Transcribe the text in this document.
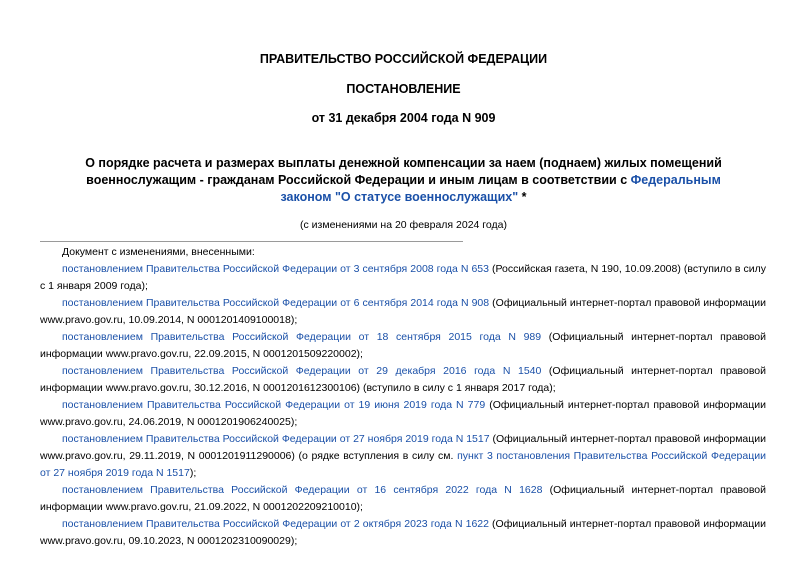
ПРАВИТЕЛЬСТВО РОССИЙСКОЙ ФЕДЕРАЦИИ
ПОСТАНОВЛЕНИЕ
от 31 декабря 2004 года N 909
О порядке расчета и размерах выплаты денежной компенсации за наем (поднаем) жилых помещений военнослужащим - гражданам Российской Федерации и иным лицам в соответствии с Федеральным законом "О статусе военнослужащих" *
(с изменениями на 20 февраля 2024 года)

Документ с изменениями, внесенными:

постановлением Правительства Российской Федерации от 3 сентября 2008 года N 653 (Российская газета, N 190, 10.09.2008) (вступило в силу с 1 января 2009 года);

постановлением Правительства Российской Федерации от 6 сентября 2014 года N 908 (Официальный интернет-портал правовой информации www.pravo.gov.ru, 10.09.2014, N 0001201409100018);

постановлением Правительства Российской Федерации от 18 сентября 2015 года N 989 (Официальный интернет-портал правовой информации www.pravo.gov.ru, 22.09.2015, N 0001201509220002);

постановлением Правительства Российской Федерации от 29 декабря 2016 года N 1540 (Официальный интернет-портал правовой информации www.pravo.gov.ru, 30.12.2016, N 0001201612300106) (вступило в силу с 1 января 2017 года);

постановлением Правительства Российской Федерации от 19 июня 2019 года N 779 (Официальный интернет-портал правовой информации www.pravo.gov.ru, 24.06.2019, N 0001201906240025);

постановлением Правительства Российской Федерации от 27 ноября 2019 года N 1517 (Официальный интернет-портал правовой информации www.pravo.gov.ru, 29.11.2019, N 0001201911290006) (о рядке вступления в силу см. пункт 3 постановления Правительства Российской Федерации от 27 ноября 2019 года N 1517);

постановлением Правительства Российской Федерации от 16 сентября 2022 года N 1628 (Официальный интернет-портал правовой информации www.pravo.gov.ru, 21.09.2022, N 0001202209210010);

постановлением Правительства Российской Федерации от 2 октября 2023 года N 1622 (Официальный интернет-портал правовой информации www.pravo.gov.ru, 09.10.2023, N 0001202310090029);
